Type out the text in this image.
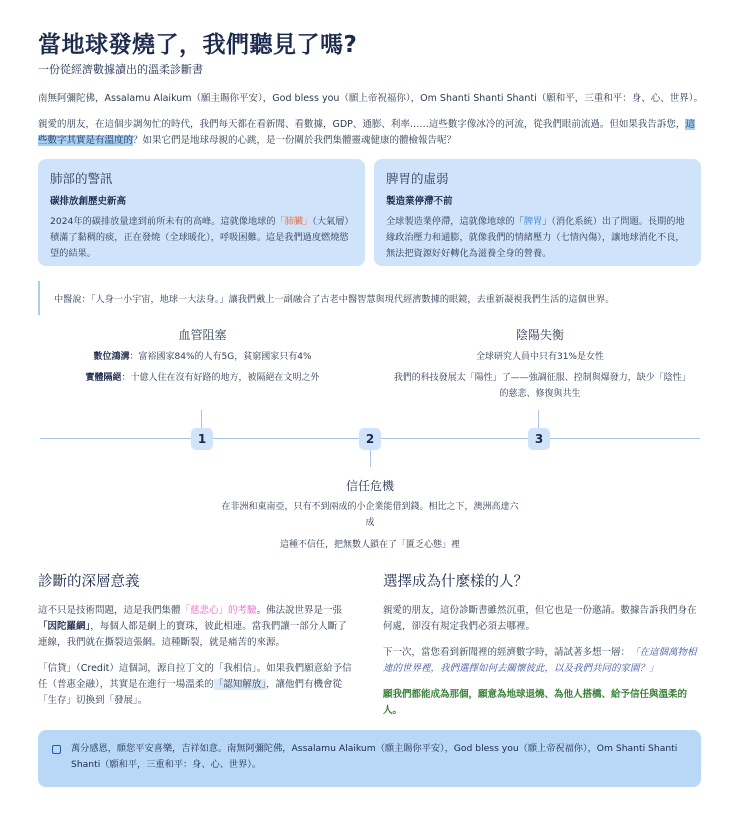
當地球發燒了，我們聽見了嗎?
一份從經濟數據讀出的溫柔診斷書
南無阿彌陀佛，Assalamu Alaikum（願主賜你平安），God bless you（願上帝祝福你），Om Shanti Shanti Shanti（願和平，三重和平：身、心、世界）。
親愛的朋友，在這個步調匆忙的時代，我們每天都在看新聞、看數據，GDP、通膨、利率……這些數字像冰冷的河流，從我們眼前流過。但如果我告訴您，這些數字其實是有溫度的？如果它們是地球母親的心跳，是一份關於我們集體靈魂健康的體檢報告呢？
肺部的警訊
碳排放創歷史新高

2024年的碳排放量達到前所未有的高峰。這就像地球的「肺臟」（大氣層）積滿了黏稠的痰，正在發燒（全球暖化），呼吸困難。這是我們過度燃燒慾望的結果。

脾胃的虛弱
製造業停滯不前

全球製造業停滯，這就像地球的「脾胃」（消化系統）出了問題。長期的地緣政治壓力和通膨，就像我們的情緒壓力（七情內傷），讓地球消化不良，無法把資源好好轉化為滋養全身的營養。

中醫說：「人身一小宇宙，地球一大法身。」讓我們戴上一副融合了古老中醫智慧與現代經濟數據的眼鏡，去重新凝視我們生活的這個世界。
血管阻塞
數位鴻溝：富裕國家84%的人有5G，貧窮國家只有4%
實體隔絕：十億人住在沒有好路的地方，被隔絕在文明之外
陰陽失衡
全球研究人員中只有31%是女性
我們的科技發展太「陽性」了——強調征服、控制與爆發力，缺少「陰性」的慈悲、修復與共生
1	2	3
信任危機
在非洲和東南亞，只有不到兩成的小企業能借到錢。相比之下，澳洲高達六成
這種不信任，把無數人鎖在了「匱乏心態」裡
診斷的深層意義

這不只是技術問題，這是我們集體「慈悲心」的考驗。佛法說世界是一張「因陀羅網」，每個人都是網上的寶珠，彼此相連。當我們讓一部分人斷了連線，我們就在撕裂這張網。這種斷裂，就是痛苦的來源。

「信貸」（Credit）這個詞，源自拉丁文的「我相信」。如果我們願意給予信任（普惠金融），其實是在進行一場溫柔的「認知解放」，讓他們有機會從「生存」切換到「發展」。

選擇成為什麼樣的人？

親愛的朋友，這份診斷書雖然沉重，但它也是一份邀請。數據告訴我們身在何處，卻沒有規定我們必須去哪裡。

下一次，當您看到新聞裡的經濟數字時，請試著多想一層：「在這個萬物相連的世界裡，我們選擇如何去關懷彼此，以及我們共同的家園？」

願我們都能成為那個，願意為地球退燒、為他人搭橋、給予信任與溫柔的人。

萬分感恩，願您平安喜樂，吉祥如意。南無阿彌陀佛，Assalamu Alaikum（願主賜你平安），God bless you（願上帝祝福你），Om Shanti Shanti Shanti（願和平，三重和平：身、心、世界）。
